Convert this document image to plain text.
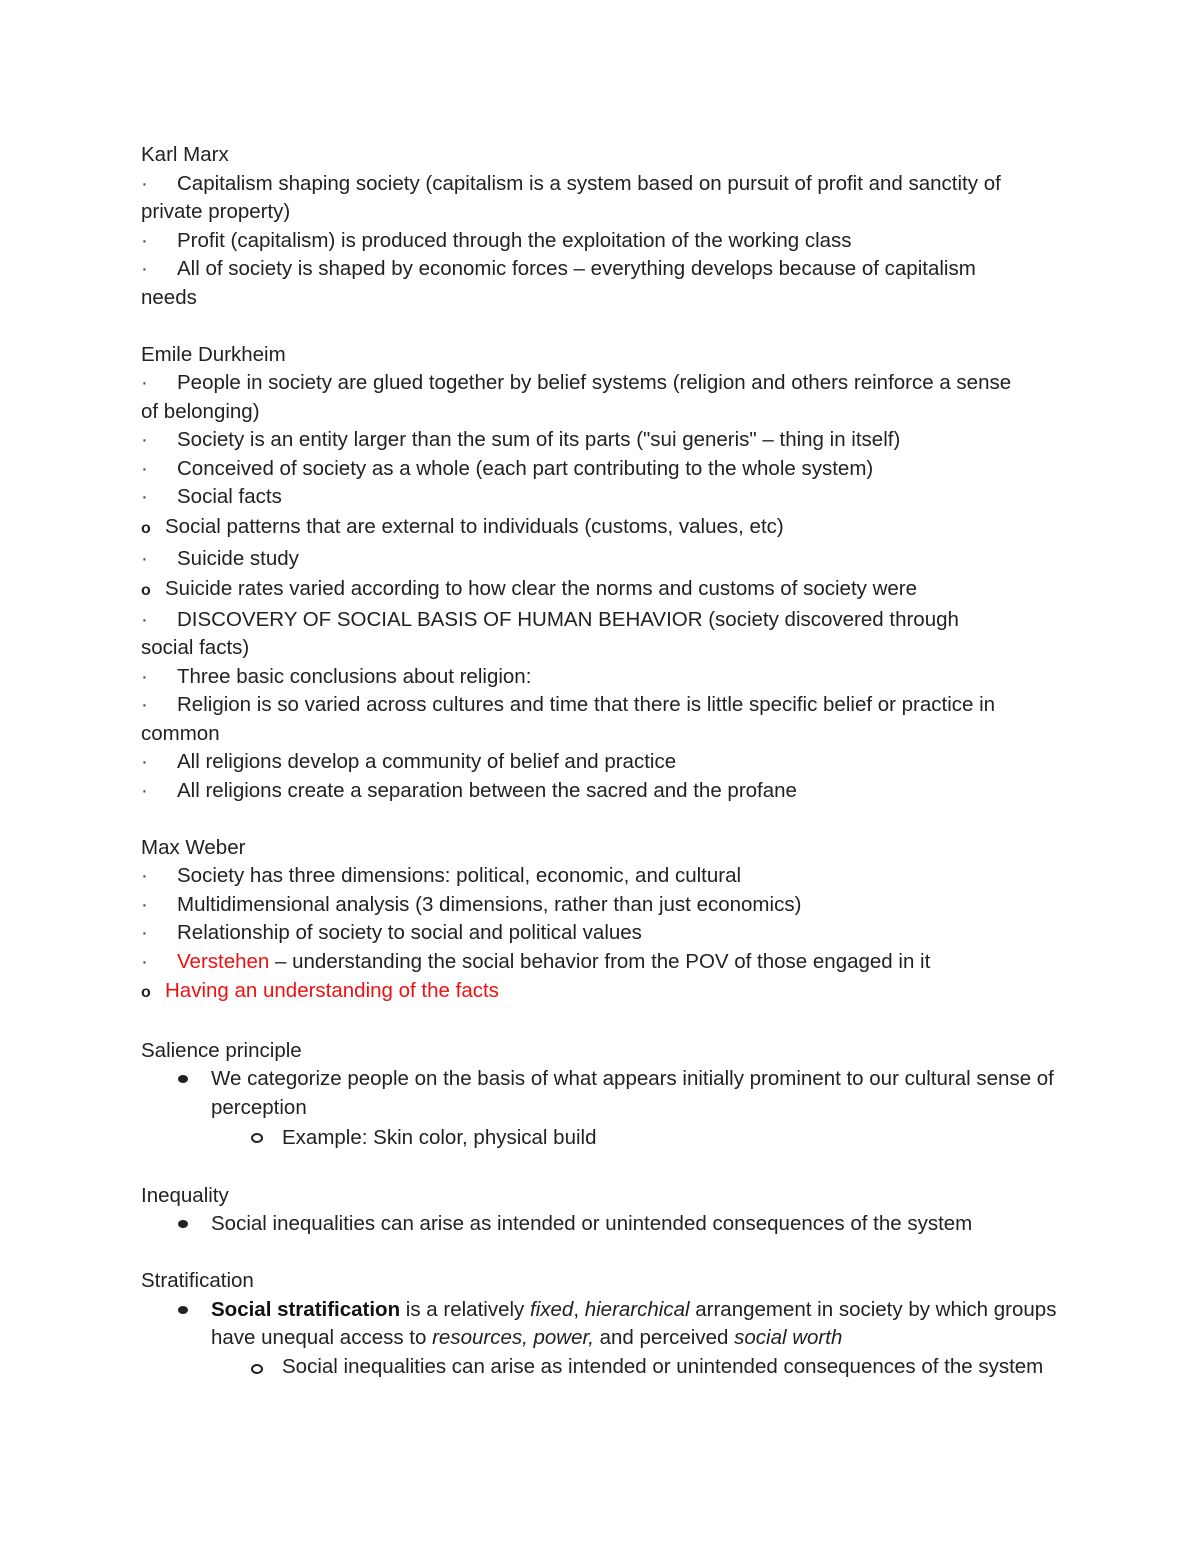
Karl Marx
· Capitalism shaping society (capitalism is a system based on pursuit of profit and sanctity of
private property)
· Profit (capitalism) is produced through the exploitation of the working class
· All of society is shaped by economic forces – everything develops because of capitalism
needs
Emile Durkheim
· People in society are glued together by belief systems (religion and others reinforce a sense
of belonging)
· Society is an entity larger than the sum of its parts ("sui generis" – thing in itself)
· Conceived of society as a whole (each part contributing to the whole system)
· Social facts
o Social patterns that are external to individuals (customs, values, etc)
· Suicide study
o Suicide rates varied according to how clear the norms and customs of society were
· DISCOVERY OF SOCIAL BASIS OF HUMAN BEHAVIOR (society discovered through
social facts)
· Three basic conclusions about religion:
· Religion is so varied across cultures and time that there is little specific belief or practice in
common
· All religions develop a community of belief and practice
· All religions create a separation between the sacred and the profane
Max Weber
· Society has three dimensions: political, economic, and cultural
· Multidimensional analysis (3 dimensions, rather than just economics)
· Relationship of society to social and political values
· Verstehen – understanding the social behavior from the POV of those engaged in it
o Having an understanding of the facts
Salience principle
We categorize people on the basis of what appears initially prominent to our cultural sense of perception
Example: Skin color, physical build
Inequality
Social inequalities can arise as intended or unintended consequences of the system
Stratification
Social stratification is a relatively fixed, hierarchical arrangement in society by which groups have unequal access to resources, power, and perceived social worth
Social inequalities can arise as intended or unintended consequences of the system
